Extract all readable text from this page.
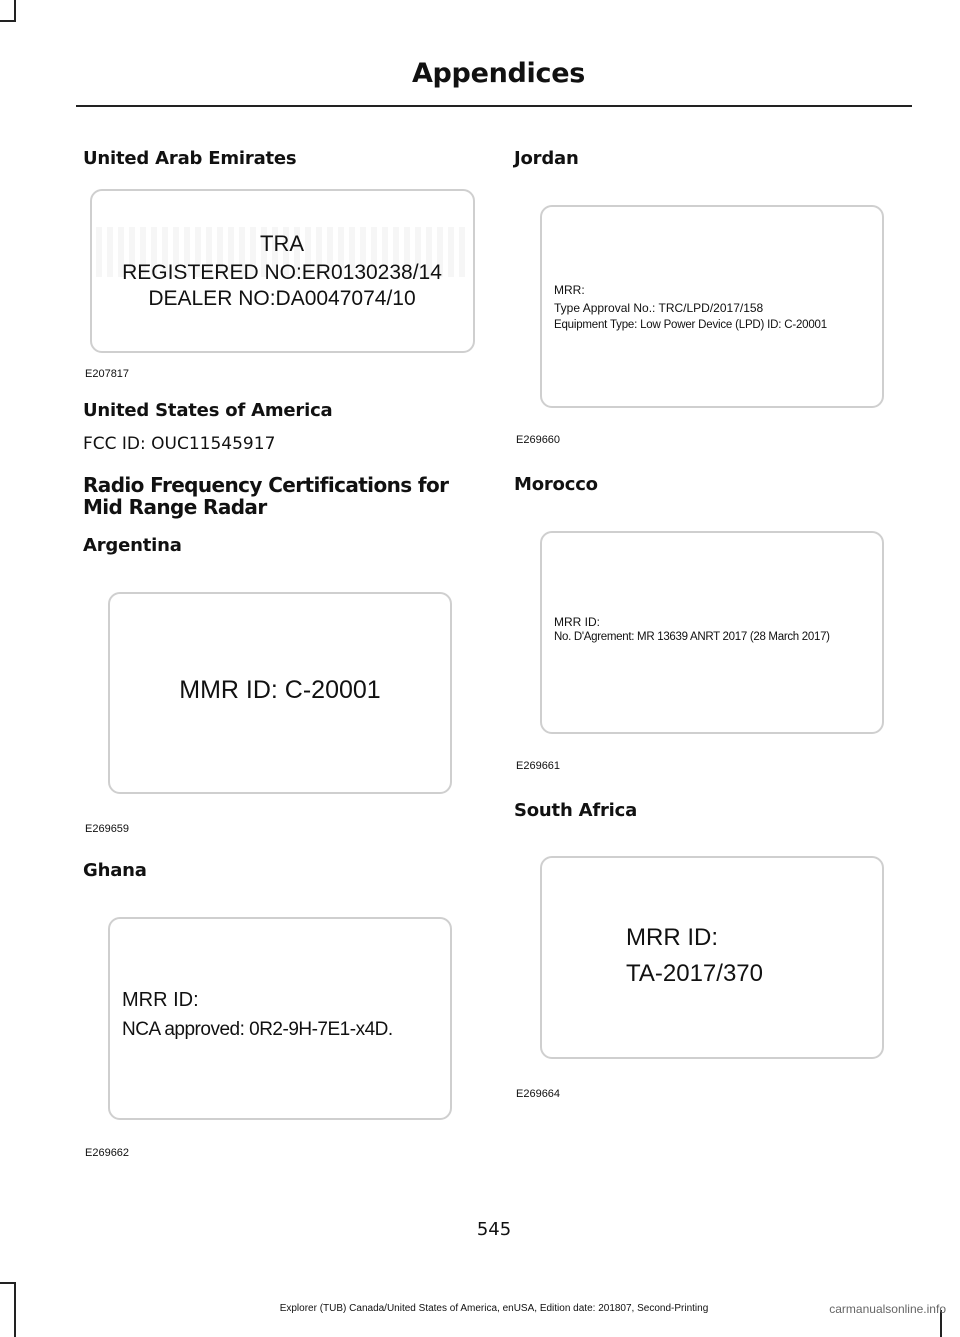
Appendices
United Arab Emirates
TRA
REGISTERED NO:ER0130238/14
DEALER NO:DA0047074/10
E207817
United States of America
FCC ID: OUC11545917
Radio Frequency Certifications for
Mid Range Radar
Argentina
MMR ID: C-20001
E269659
Ghana
MRR ID:
NCA approved: 0R2-9H-7E1-x4D.
E269662
Jordan
MRR:
Type Approval No.: TRC/LPD/2017/158
Equipment Type: Low Power Device (LPD) ID: C-20001
E269660
Morocco
MRR ID:
No. D'Agrement: MR 13639 ANRT 2017 (28 March 2017)
E269661
South Africa
MRR ID:
TA-2017/370
E269664
545
Explorer (TUB) Canada/United States of America, enUSA, Edition date: 201807, Second-Printing	carmanualsonline.info
